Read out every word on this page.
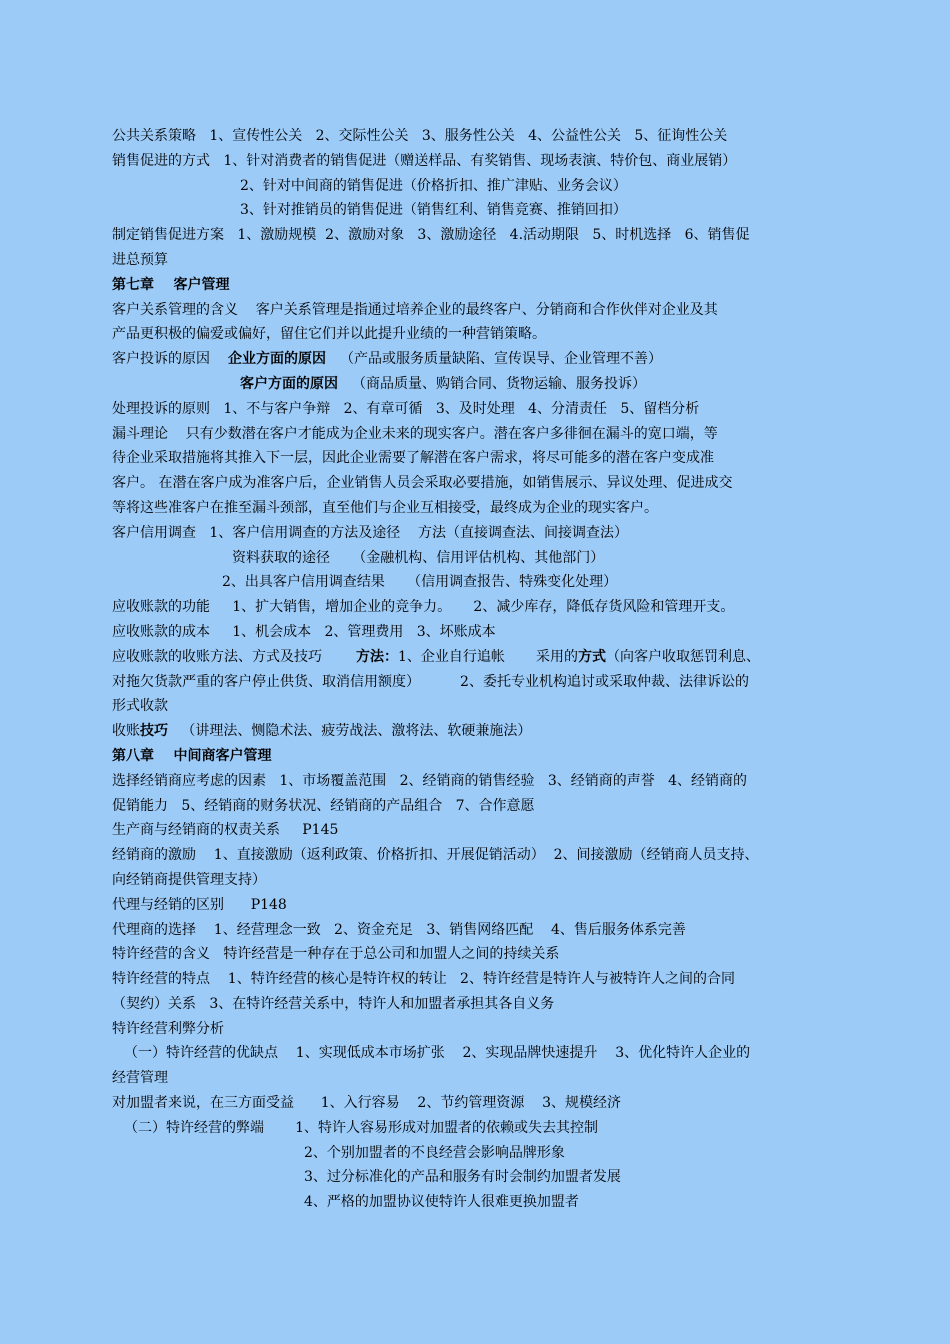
公共关系策略   1、宣传性公关   2、交际性公关   3、服务性公关   4、公益性公关   5、征询性公关
销售促进的方式   1、针对消费者的销售促进（赠送样品、有奖销售、现场表演、特价包、商业展销）
2、针对中间商的销售促进（价格折扣、推广津贴、业务会议）
3、针对推销员的销售促进（销售红利、销售竞赛、推销回扣）
制定销售促进方案   1、激励规模  2、激励对象   3、激励途径   4.活动期限   5、时机选择   6、销售促
进总预算
第七章    客户管理
客户关系管理的含义    客户关系管理是指通过培养企业的最终客户、分销商和合作伙伴对企业及其
产品更积极的偏爱或偏好，留住它们并以此提升业绩的一种营销策略。
客户投诉的原因 企业方面的原因 （产品或服务质量缺陷、宣传误导、企业管理不善）
客户方面的原因 （商品质量、购销合同、货物运输、服务投诉）
处理投诉的原则   1、不与客户争辩   2、有章可循   3、及时处理   4、分清责任   5、留档分析
漏斗理论    只有少数潜在客户才能成为企业未来的现实客户。潜在客户多徘徊在漏斗的宽口端，等
待企业采取措施将其推入下一层，因此企业需要了解潜在客户需求，将尽可能多的潜在客户变成准
客户。 在潜在客户成为准客户后，企业销售人员会采取必要措施，如销售展示、异议处理、促进成交
等将这些准客户在推至漏斗颈部，直至他们与企业互相接受，最终成为企业的现实客户。
客户信用调查   1、客户信用调查的方法及途径    方法（直接调查法、间接调查法）
资料获取的途径     （金融机构、信用评估机构、其他部门）
2、出具客户信用调查结果     （信用调查报告、特殊变化处理）
应收账款的功能     1、扩大销售，增加企业的竞争力。     2、减少库存，降低存货风险和管理开支。
应收账款的成本     1、机会成本   2、管理费用   3、坏账成本
应收账款的收账方法、方式及技巧 方法：1、企业自行追帐       采用的方式（向客户收取惩罚利息、
对拖欠货款严重的客户停止供货、取消信用额度）         2、委托专业机构追讨或采取仲裁、法律诉讼的
形式收款
收账技巧   （讲理法、恻隐术法、疲劳战法、激将法、软硬兼施法）
第八章    中间商客户管理
选择经销商应考虑的因素   1、市场覆盖范围   2、经销商的销售经验   3、经销商的声誉   4、经销商的
促销能力   5、经销商的财务状况、经销商的产品组合   7、合作意愿
生产商与经销商的权责关系     P145
经销商的激励    1、直接激励（返利政策、价格折扣、开展促销活动）  2、间接激励（经销商人员支持、
向经销商提供管理支持）
代理与经销的区别      P148
代理商的选择    1、经营理念一致   2、资金充足   3、销售网络匹配    4、售后服务体系完善
特许经营的含义   特许经营是一种存在于总公司和加盟人之间的持续关系
特许经营的特点    1、特许经营的核心是特许权的转让   2、特许经营是特许人与被特许人之间的合同
（契约）关系   3、在特许经营关系中，特许人和加盟者承担其各自义务
特许经营利弊分析
（一）特许经营的优缺点    1、实现低成本市场扩张    2、实现品牌快速提升    3、优化特许人企业的
经营管理
对加盟者来说，在三方面受益      1、入行容易    2、节约管理资源    3、规模经济
（二）特许经营的弊端       1、特许人容易形成对加盟者的依赖或失去其控制
2、个别加盟者的不良经营会影响品牌形象
3、过分标准化的产品和服务有时会制约加盟者发展
4、严格的加盟协议使特许人很难更换加盟者
